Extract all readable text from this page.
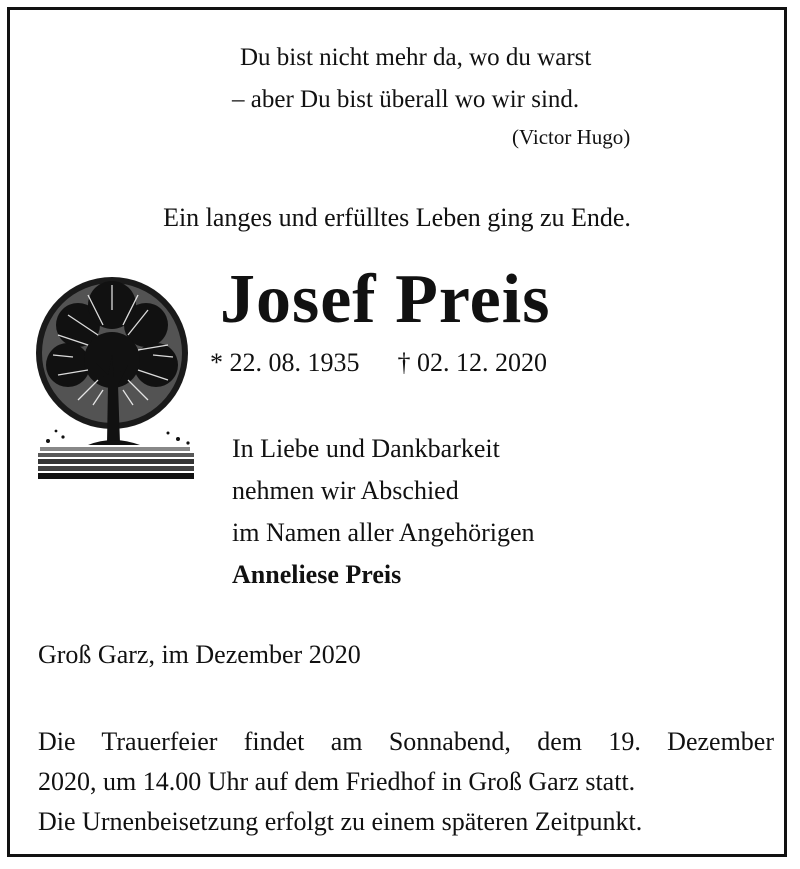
Du bist nicht mehr da, wo du warst
– aber Du bist überall wo wir sind.
(Victor Hugo)
Ein langes und erfülltes Leben ging zu Ende.
Josef Preis
* 22. 08. 1935 † 02. 12. 2020
In Liebe und Dankbarkeit
nehmen wir Abschied
im Namen aller Angehörigen
Anneliese Preis
Groß Garz, im Dezember 2020
Die Trauerfeier findet am Sonnabend, dem 19. Dezember
2020, um 14.00 Uhr auf dem Friedhof in Groß Garz statt.
Die Urnenbeisetzung erfolgt zu einem späteren Zeitpunkt.
